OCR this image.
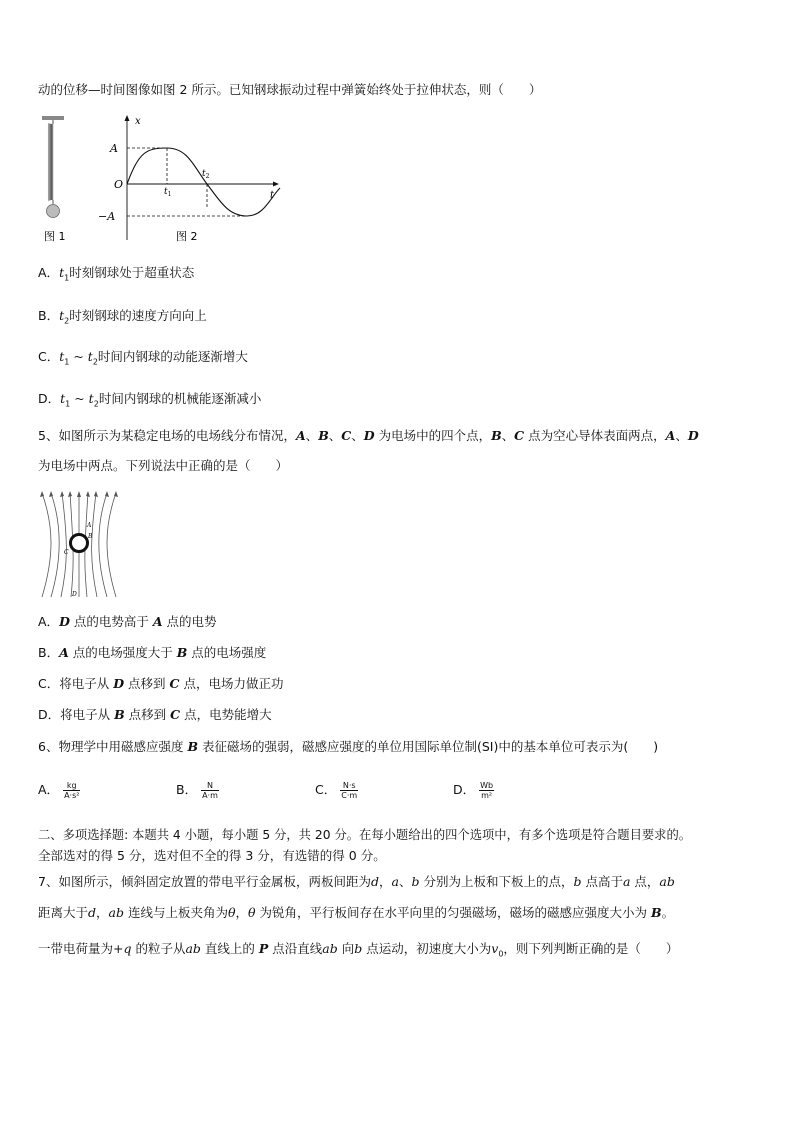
动的位移—时间图像如图 2 所示。已知钢球振动过程中弹簧始终处于拉伸状态，则（　　）
图 1
x
t
O
A
−A
$t_1$
$t_2$
图 2
A．$t_1$时刻钢球处于超重状态
B．$t_2$时刻钢球的速度方向向上
C．$t_1$ ~ $t_2$时间内钢球的动能逐渐增大
D．$t_1$ ~ $t_2$时间内钢球的机械能逐渐减小
5、如图所示为某稳定电场的电场线分布情况，A、B、C、D 为电场中的四个点，B、C 点为空心导体表面两点，A、D
为电场中两点。下列说法中正确的是（　　）
A
B
C
D
A．D 点的电势高于 A 点的电势
B．A 点的电场强度大于 B 点的电场强度
C．将电子从 D 点移到 C 点，电场力做正功
D．将电子从 B 点移到 C 点，电势能增大
6、物理学中用磁感应强度 B 表征磁场的强弱，磁感应强度的单位用国际单位制(SI)中的基本单位可表示为(　　)
A． $\frac{kg}{\text{A·s²}}$	B． $\frac{N}{A\cdot m}$	C． $\frac{N\cdot s}{C\cdot m}$	D． $\frac{Wb}{\text{m²}}$
二、多项选择题: 本题共 4 小题，每小题 5 分，共 20 分。在每小题给出的四个选项中，有多个选项是符合题目要求的。
全部选对的得 5 分，选对但不全的得 3 分，有选错的得 0 分。
7、如图所示，倾斜固定放置的带电平行金属板，两板间距为d，a、b 分别为上板和下板上的点，b 点高于a 点，ab
距离大于d，ab 连线与上板夹角为θ，θ 为锐角，平行板间存在水平向里的匀强磁场，磁场的磁感应强度大小为 B。
一带电荷量为+q 的粒子从ab 直线上的 P 点沿直线ab 向b 点运动，初速度大小为$v_0$，则下列判断正确的是（　　）
